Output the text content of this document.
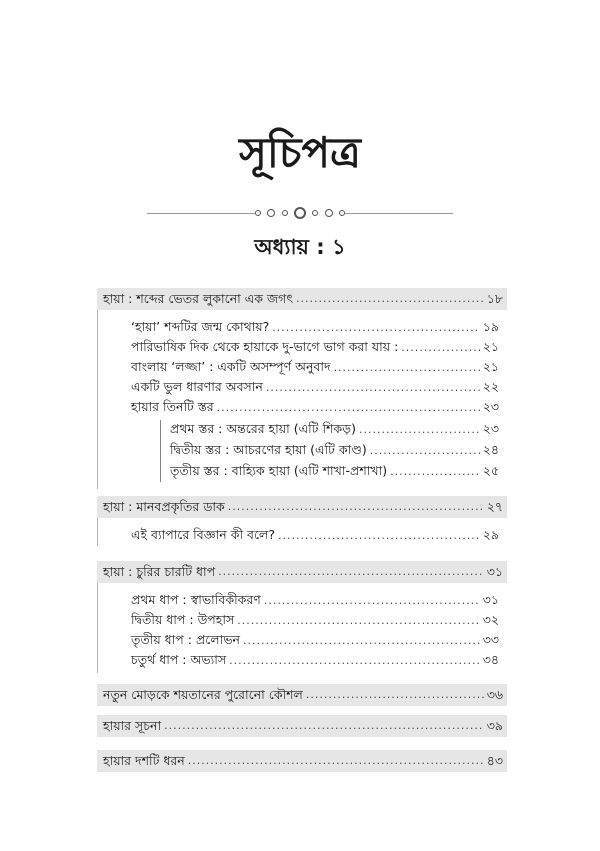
সূচিপত্র
অধ্যায় : ১
হায়া : শব্দের ভেতর লুকানো এক জগৎ .....	১৮
‘হায়া’ শব্দটির জন্ম কোথায়? .....	১৯
পারিভাষিক দিক থেকে হায়াকে দু-ভাগে ভাগ করা যায় : .....	২১
বাংলায় ‘লজ্জা’ : একটি অসম্পূর্ণ অনুবাদ .....	২১
একটি ভুল ধারণার অবসান .....	২২
হায়ার তিনটি স্তর .....	২৩
প্রথম স্তর : অন্তরের হায়া (এটি শিকড়) .....	২৩
দ্বিতীয় স্তর : আচরণের হায়া (এটি কাণ্ড) .....	২৪
তৃতীয় স্তর : বাহ্যিক হায়া (এটি শাখা-প্রশাখা) .....	২৫
হায়া : মানবপ্রকৃতির ডাক .....	২৭
এই ব্যাপারে বিজ্ঞান কী বলে? .....	২৯
হায়া : চুরির চারটি ধাপ .....	৩১
প্রথম ধাপ : স্বাভাবিকীকরণ .....	৩১
দ্বিতীয় ধাপ : উপহাস .....	৩২
তৃতীয় ধাপ : প্রলোভন .....	৩৩
চতুর্থ ধাপ : অভ্যাস .....	৩৪
নতুন মোড়কে শয়তানের পুরোনো কৌশল .....	৩৬
হায়ার সূচনা .....	৩৯
হায়ার দশটি ধরন .....	৪৩
